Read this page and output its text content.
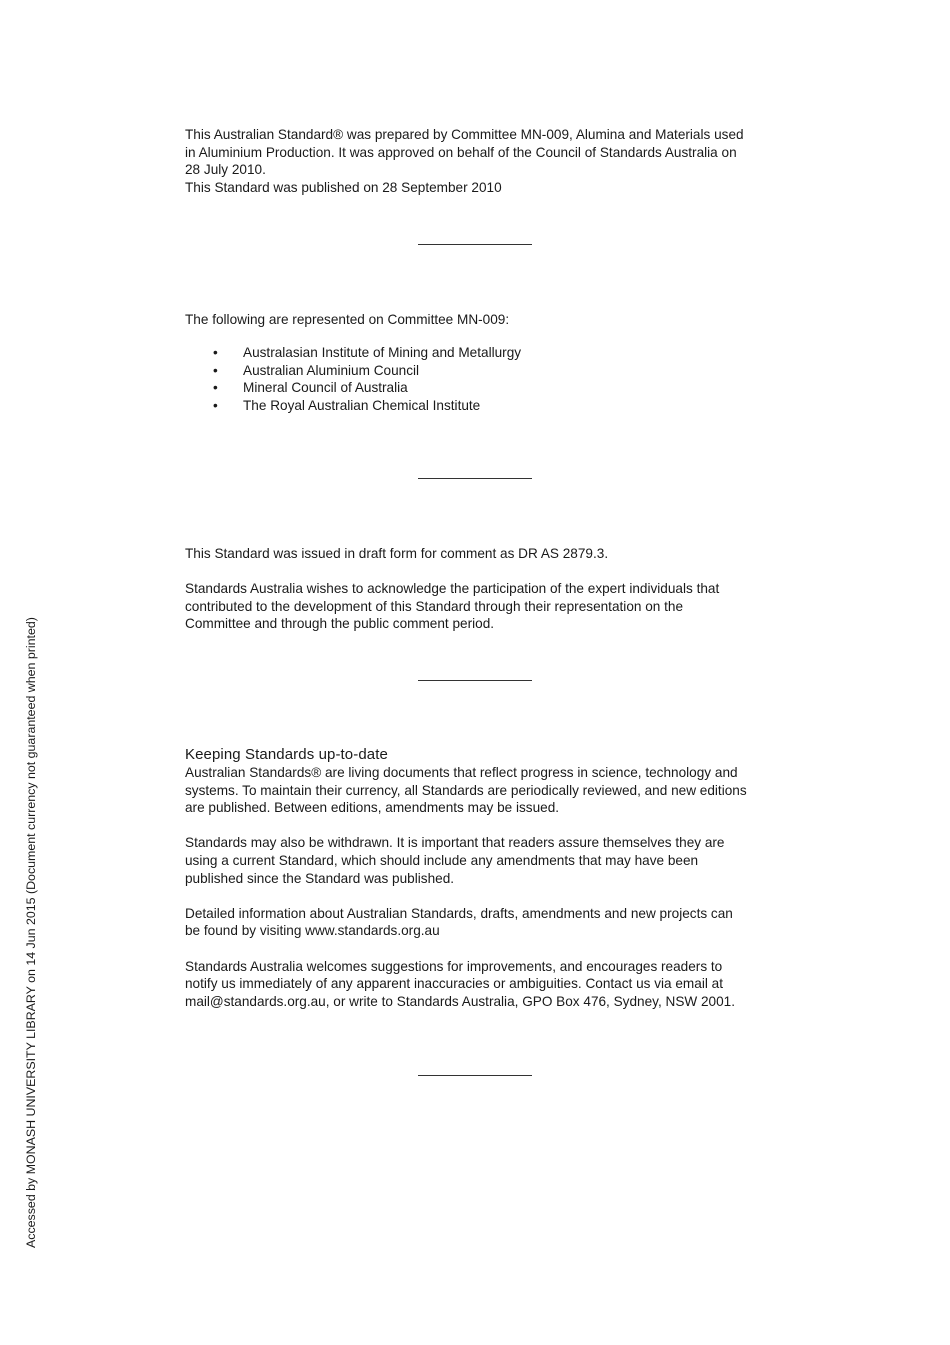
This Australian Standard® was prepared by Committee MN-009, Alumina and Materials used

in Aluminium Production. It was approved on behalf of the Council of Standards Australia on

28 July 2010.

This Standard was published on 28 September 2010

The following are represented on Committee MN-009:

• Australasian Institute of Mining and Metallurgy
• Australian Aluminium Council
• Mineral Council of Australia
• The Royal Australian Chemical Institute

This Standard was issued in draft form for comment as DR AS 2879.3.

Standards Australia wishes to acknowledge the participation of the expert individuals that

contributed to the development of this Standard through their representation on the

Committee and through the public comment period.

Keeping Standards up-to-date

Australian Standards® are living documents that reflect progress in science, technology and

systems. To maintain their currency, all Standards are periodically reviewed, and new editions

are published. Between editions, amendments may be issued.

Standards may also be withdrawn. It is important that readers assure themselves they are

using a current Standard, which should include any amendments that may have been

published since the Standard was published.

Detailed information about Australian Standards, drafts, amendments and new projects can

be found by visiting www.standards.org.au

Standards Australia welcomes suggestions for improvements, and encourages readers to

notify us immediately of any apparent inaccuracies or ambiguities. Contact us via email at

mail@standards.org.au, or write to Standards Australia, GPO Box 476, Sydney, NSW 2001.

Accessed by MONASH UNIVERSITY LIBRARY on 14 Jun 2015 (Document currency not guaranteed when printed)
